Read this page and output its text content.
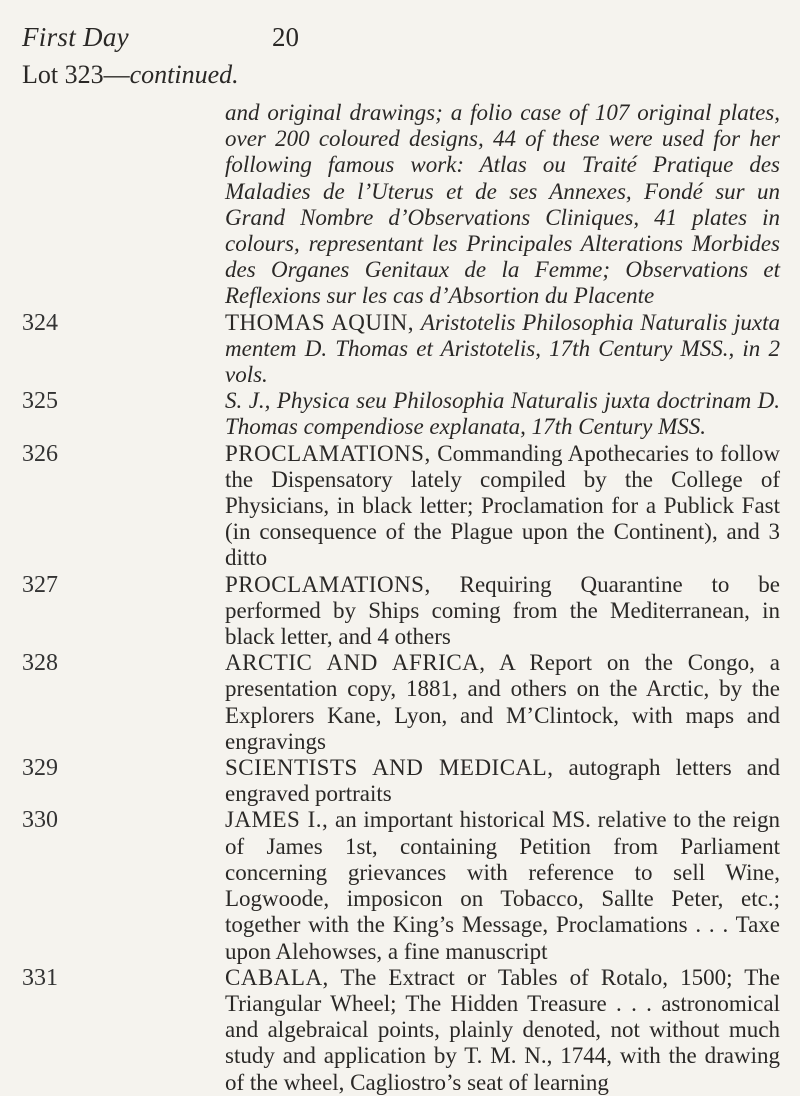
First Day	20
Lot 323—continued.
and original drawings; a folio case of 107 original plates, over 200 coloured designs, 44 of these were used for her following famous work: Atlas ou Traité Pratique des Maladies de l’Uterus et de ses Annexes, Fondé sur un Grand Nombre d’Observations Cliniques, 41 plates in colours, representant les Principales Alterations Morbides des Organes Genitaux de la Femme; Observations et Reflexions sur les cas d’Absortion du Placente
324	THOMAS AQUIN, Aristotelis Philosophia Naturalis juxta mentem D. Thomas et Aristotelis, 17th Century MSS., in 2 vols.
325	S. J., Physica seu Philosophia Naturalis juxta doctrinam D. Thomas compendiose explanata, 17th Century MSS.
326	PROCLAMATIONS, Commanding Apothecaries to follow the Dispensatory lately compiled by the College of Physicians, in black letter; Proclamation for a Publick Fast (in consequence of the Plague upon the Continent), and 3 ditto
327	PROCLAMATIONS, Requiring Quarantine to be performed by Ships coming from the Mediterranean, in black letter, and 4 others
328	ARCTIC AND AFRICA, A Report on the Congo, a presentation copy, 1881, and others on the Arctic, by the Explorers Kane, Lyon, and M’Clintock, with maps and engravings
329	SCIENTISTS AND MEDICAL, autograph letters and engraved portraits
330	JAMES I., an important historical MS. relative to the reign of James 1st, containing Petition from Parliament concerning grievances with reference to sell Wine, Logwoode, imposicon on Tobacco, Sallte Peter, etc.; together with the King’s Message, Proclamations . . . Taxe upon Alehowses, a fine manuscript
331	CABALA, The Extract or Tables of Rotalo, 1500; The Triangular Wheel; The Hidden Treasure . . . astronomical and algebraical points, plainly denoted, not without much study and application by T. M. N., 1744, with the drawing of the wheel, Cagliostro’s seat of learning
